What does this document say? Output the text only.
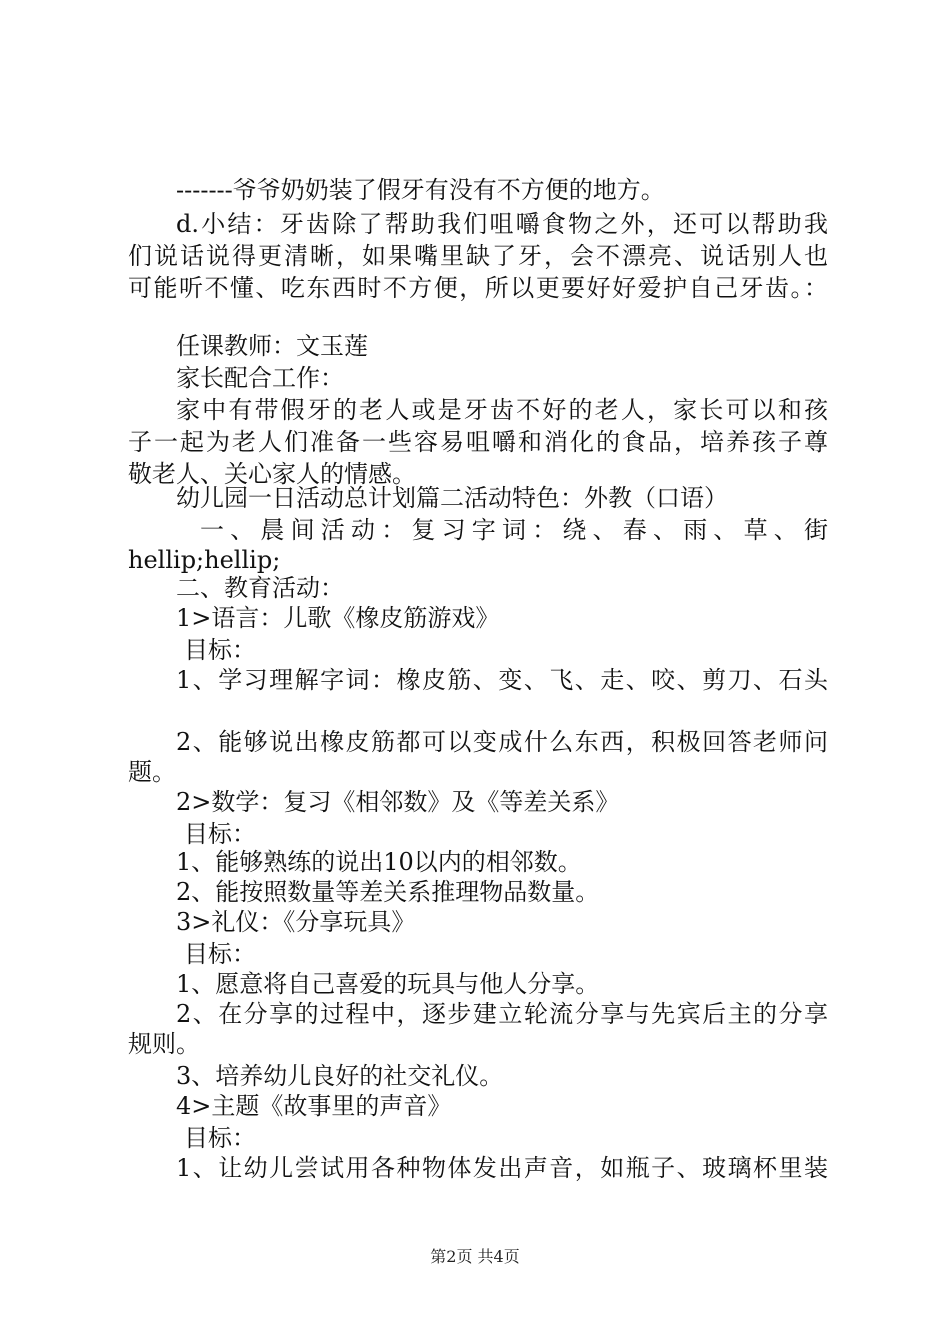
-------爷爷奶奶装了假牙有没有不方便的地方。
d.小结：牙齿除了帮助我们咀嚼食物之外，还可以帮助我
们说话说得更清晰，如果嘴里缺了牙，会不漂亮、说话别人也
可能听不懂、吃东西时不方便，所以更要好好爱护自己牙齿。：
任课教师：文玉莲
家长配合工作：
家中有带假牙的老人或是牙齿不好的老人，家长可以和孩
子一起为老人们准备一些容易咀嚼和消化的食品，培养孩子尊
敬老人、关心家人的情感。
幼儿园一日活动总计划篇二活动特色：外教（口语）
一、晨间活动：复习字词：绕、春、雨、草、街
hellip;hellip;
二、教育活动：
1>语言：儿歌《橡皮筋游戏》
目标：
1、学习理解字词：橡皮筋、变、飞、走、咬、剪刀、石头
2、能够说出橡皮筋都可以变成什么东西，积极回答老师问
题。
2>数学：复习《相邻数》及《等差关系》
目标：
1、能够熟练的说出10以内的相邻数。
2、能按照数量等差关系推理物品数量。
3>礼仪：《分享玩具》
目标：
1、愿意将自己喜爱的玩具与他人分享。
2、在分享的过程中，逐步建立轮流分享与先宾后主的分享
规则。
3、培养幼儿良好的社交礼仪。
4>主题《故事里的声音》
目标：
1、让幼儿尝试用各种物体发出声音，如瓶子、玻璃杯里装
第2页 共4页
